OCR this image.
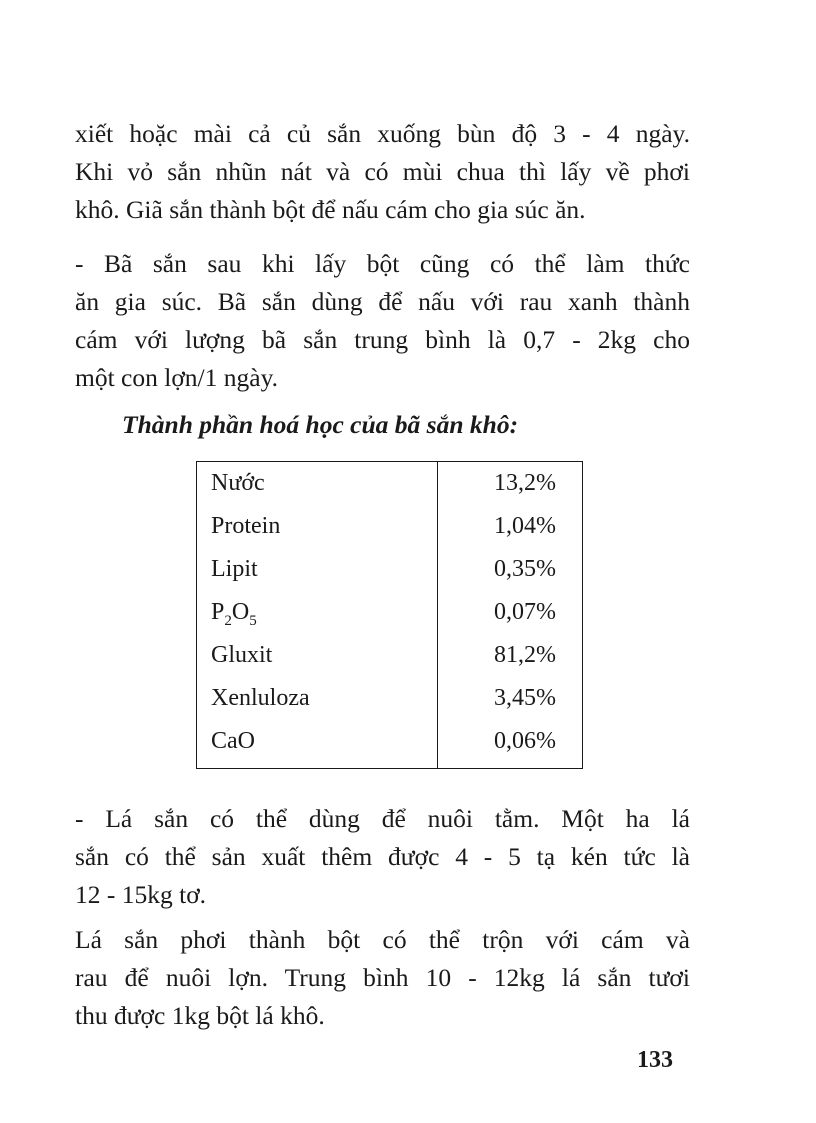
xiết hoặc mài cả củ sắn xuống bùn độ 3 - 4 ngày.
Khi vỏ sắn nhũn nát và có mùi chua thì lấy về phơi
khô. Giã sắn thành bột để nấu cám cho gia súc ăn.

- Bã sắn sau khi lấy bột cũng có thể làm thức
ăn gia súc. Bã sắn dùng để nấu với rau xanh thành
cám với lượng bã sắn trung bình là 0,7 - 2kg cho
một con lợn/1 ngày.

Thành phần hoá học của bã sắn khô:

Nước	13,2%
Protein	1,04%
Lipit	0,35%
$P_2O_5$	0,07%
Gluxit	81,2%
Xenluloza	3,45%
CaO	0,06%

- Lá sắn có thể dùng để nuôi tằm. Một ha lá
sắn có thể sản xuất thêm được 4 - 5 tạ kén tức là
12 - 15kg tơ.

Lá sắn phơi thành bột có thể trộn với cám và
rau để nuôi lợn. Trung bình 10 - 12kg lá sắn tươi
thu được 1kg bột lá khô.

133
